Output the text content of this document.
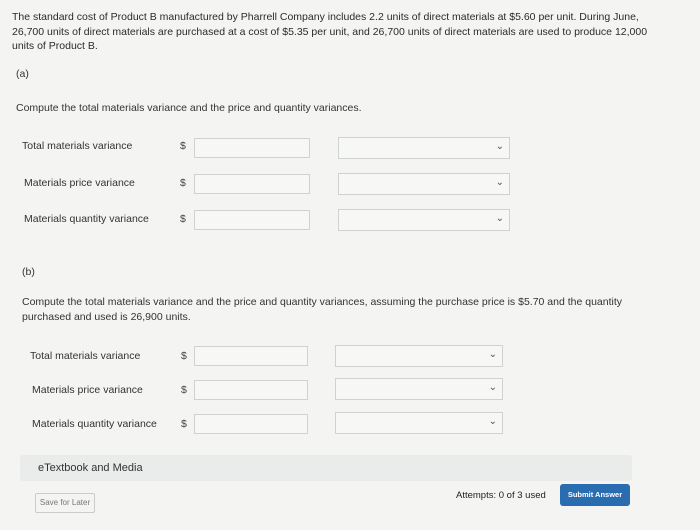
The standard cost of Product B manufactured by Pharrell Company includes 2.2 units of direct materials at $5.60 per unit. During June, 26,700 units of direct materials are purchased at a cost of $5.35 per unit, and 26,700 units of direct materials are used to produce 12,000 units of Product B.
(a)
Compute the total materials variance and the price and quantity variances.
Total materials variance	$	⌄
Materials price variance	$	⌄
Materials quantity variance	$	⌄
(b)
Compute the total materials variance and the price and quantity variances, assuming the purchase price is $5.70 and the quantity purchased and used is 26,900 units.
Total materials variance	$	⌄
Materials price variance	$	⌄
Materials quantity variance $	⌄
eTextbook and Media
Save for Later
Attempts: 0 of 3 used	Submit Answer
